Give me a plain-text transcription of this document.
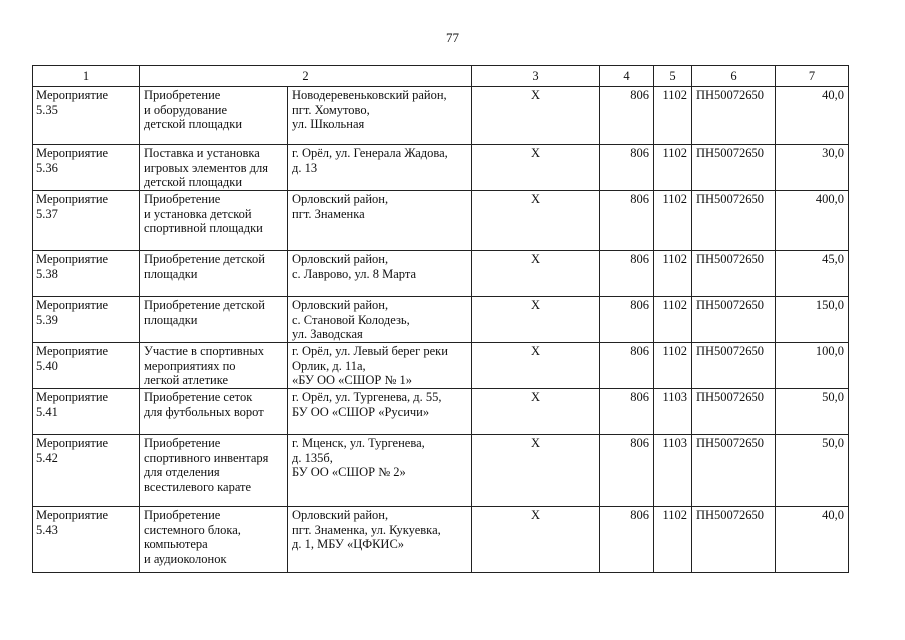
77
1	2		3	4	5	6	7

Мероприятие
5.35	Приобретение
и оборудование
детской площадки	Новодеревеньковский район,
пгт. Хомутово,
ул. Школьная	X	806	1102	ПН50072650	40,0

Мероприятие
5.36	Поставка и установка
игровых элементов для
детской площадки	г. Орёл, ул. Генерала Жадова,
д. 13	X	806	1102	ПН50072650	30,0

Мероприятие
5.37	Приобретение
и установка детской
спортивной площадки	Орловский район,
пгт. Знаменка	X	806	1102	ПН50072650	400,0

Мероприятие
5.38	Приобретение детской
площадки	Орловский район,
с. Лаврово, ул. 8 Марта	X	806	1102	ПН50072650	45,0

Мероприятие
5.39	Приобретение детской
площадки	Орловский район,
с. Становой Колодезь,
ул. Заводская	X	806	1102	ПН50072650	150,0

Мероприятие
5.40	Участие в спортивных
мероприятиях по
легкой атлетике	г. Орёл, ул. Левый берег реки
Орлик, д. 11а,
«БУ ОО «СШОР № 1»	X	806	1102	ПН50072650	100,0

Мероприятие
5.41	Приобретение сеток
для футбольных ворот	г. Орёл, ул. Тургенева, д. 55,
БУ ОО «СШОР «Русичи»	X	806	1103	ПН50072650	50,0

Мероприятие
5.42	Приобретение
спортивного инвентаря
для отделения
всестилевого карате	г. Мценск, ул. Тургенева,
д. 135б,
БУ ОО «СШОР № 2»	X	806	1103	ПН50072650	50,0

Мероприятие
5.43	Приобретение
системного блока,
компьютера
и аудиоколонок	Орловский район,
пгт. Знаменка, ул. Кукуевка,
д. 1, МБУ «ЦФКИС»	X	806	1102	ПН50072650	40,0
